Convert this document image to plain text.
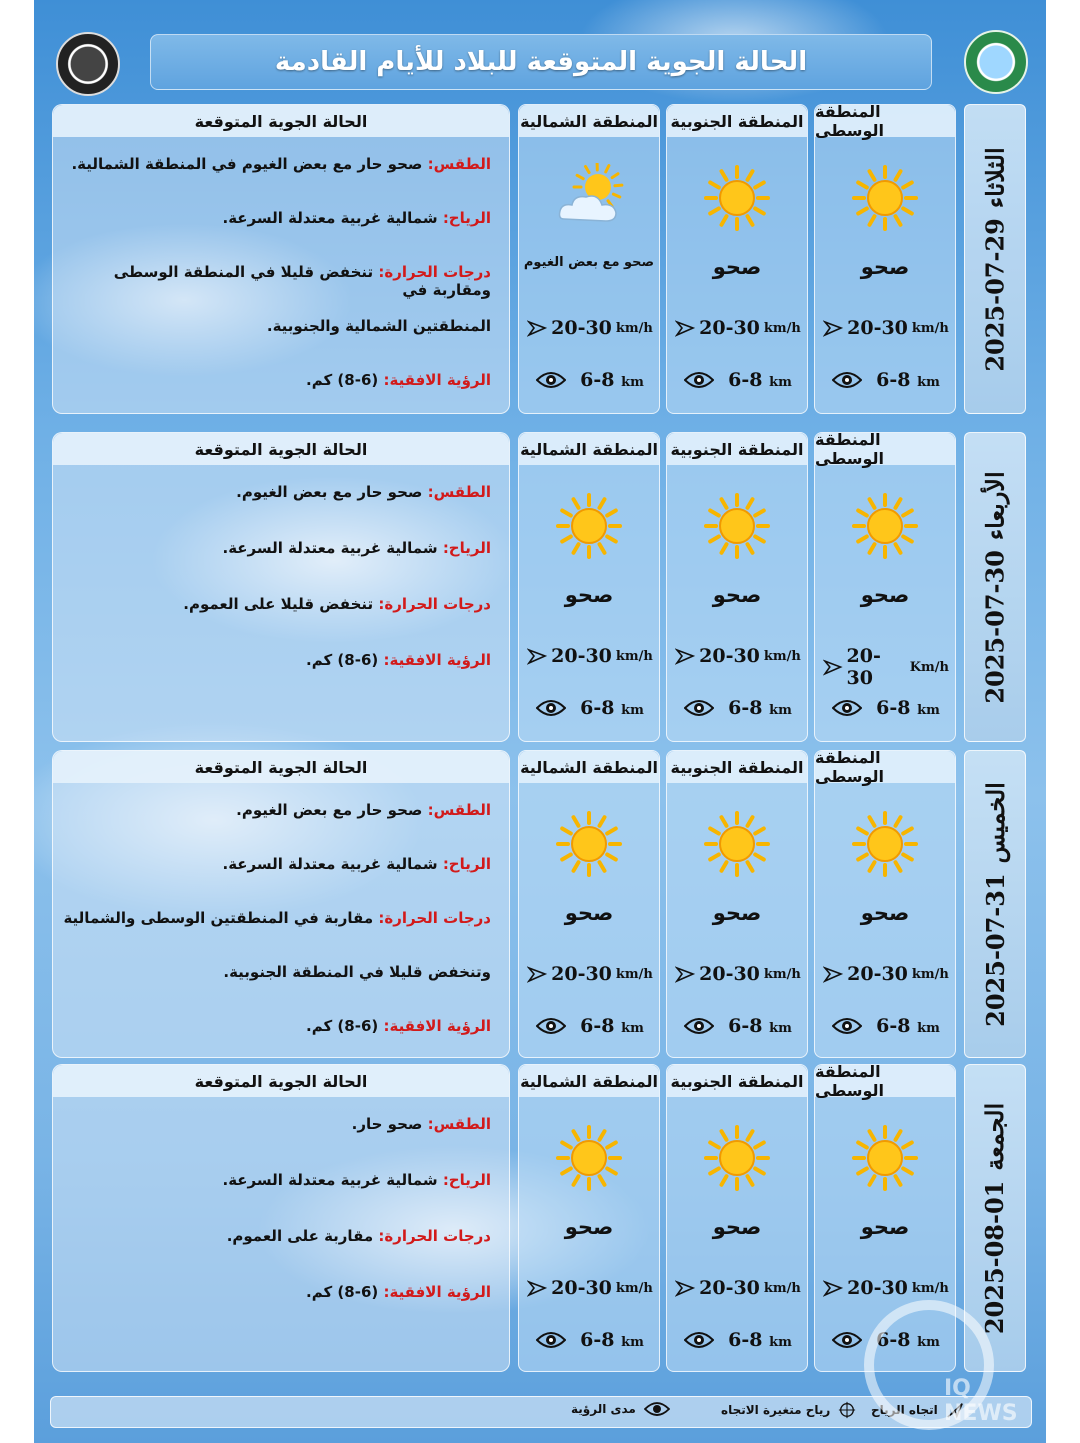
الحالة الجوية المتوقعة للبلاد للأيام القادمة
2025-07-29الثلاثاء
المنطقة الوسطى
صحو
20-30 km/h
6-8 km
المنطقة الجنوبية
صحو
20-30 km/h
6-8 km
المنطقة الشمالية
صحو مع بعض الغيوم
20-30 km/h
6-8 km
الحالة الجوية المتوقعة
الطقس: صحو حار مع بعض الغيوم في المنطقة الشمالية.
الرياح: شمالية غربية معتدلة السرعة.
درجات الحرارة: تنخفض قليلا في المنطقة الوسطى ومقاربة في
المنطقتين الشمالية والجنوبية.
الرؤية الافقية: (6-8) كم.
2025-07-30الأربعاء
المنطقة الوسطى
صحو
20-30	Km/h
6-8 km
المنطقة الجنوبية
صحو
20-30 km/h
6-8 km
المنطقة الشمالية
صحو
20-30 km/h
6-8 km
الحالة الجوية المتوقعة
الطقس: صحو حار مع بعض الغيوم.
الرياح: شمالية غربية معتدلة السرعة.
درجات الحرارة: تنخفض قليلا على العموم.
الرؤية الافقية: (6-8) كم.
2025-07-31الخميس
المنطقة الوسطى
صحو
20-30 km/h
6-8 km
المنطقة الجنوبية
صحو
20-30 km/h
6-8 km
المنطقة الشمالية
صحو
20-30 km/h
6-8 km
الحالة الجوية المتوقعة
الطقس: صحو حار مع بعض الغيوم.
الرياح: شمالية غربية معتدلة السرعة.
درجات الحرارة: مقاربة في المنطقتين الوسطى والشمالية
وتنخفض قليلا في المنطقة الجنوبية.
الرؤية الافقية: (6-8) كم.
2025-08-01الجمعة
المنطقة الوسطى
صحو
20-30 km/h
6-8 km
المنطقة الجنوبية
صحو
20-30 km/h
6-8 km
المنطقة الشمالية
صحو
20-30 km/h
6-8 km
الحالة الجوية المتوقعة
الطقس: صحو حار.
الرياح: شمالية غربية معتدلة السرعة.
درجات الحرارة: مقاربة على العموم.
الرؤية الافقية: (6-8) كم.
اتجاه الرياح
رياح متغيرة الاتجاه
مدى الرؤية
IQ NEWS
